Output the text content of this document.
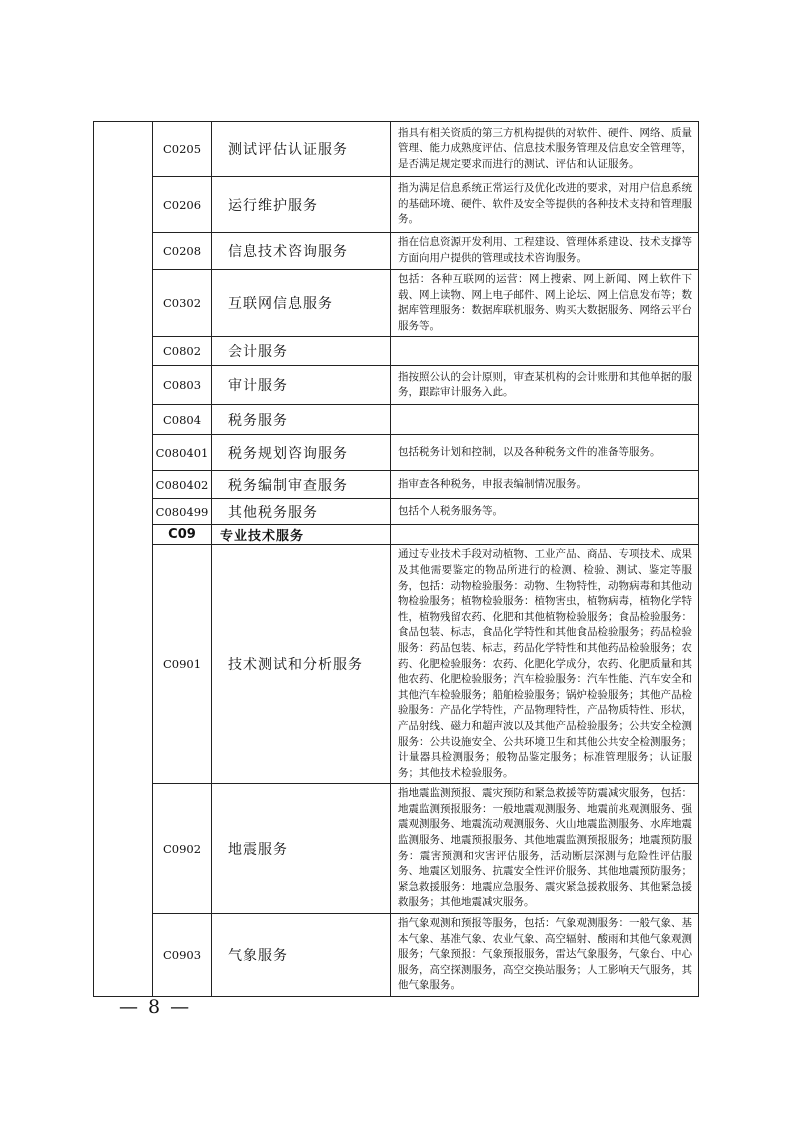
	C0205	测试评估认证服务	指具有相关资质的第三方机构提供的对软件、硬件、网络、质量管理、能力成熟度评估、信息技术服务管理及信息安全管理等，是否满足规定要求而进行的测试、评估和认证服务。
	C0206	运行维护服务	指为满足信息系统正常运行及优化改进的要求，对用户信息系统的基础环境、硬件、软件及安全等提供的各种技术支持和管理服务。
	C0208	信息技术咨询服务	指在信息资源开发利用、工程建设、管理体系建设、技术支撑等方面向用户提供的管理或技术咨询服务。
	C0302	互联网信息服务	包括：各种互联网的运营：网上搜索、网上新闻、网上软件下载、网上读物、网上电子邮件、网上论坛、网上信息发布等；数据库管理服务：数据库联机服务、购买大数据服务、网络云平台服务等。
	C0802	会计服务	
	C0803	审计服务	指按照公认的会计原则，审查某机构的会计账册和其他单据的服务，跟踪审计服务入此。
	C0804	税务服务	
	C080401	税务规划咨询服务	包括税务计划和控制，以及各种税务文件的准备等服务。
	C080402	税务编制审查服务	指审查各种税务，申报表编制情况服务。
	C080499	其他税务服务	包括个人税务服务等。
	C09	专业技术服务	
	C0901	技术测试和分析服务	通过专业技术手段对动植物、工业产品、商品、专项技术、成果及其他需要鉴定的物品所进行的检测、检验、测试、鉴定等服务，包括：动物检验服务：动物、生物特性，动物病毒和其他动物检验服务；植物检验服务：植物害虫，植物病毒，植物化学特性，植物残留农药、化肥和其他植物检验服务；食品检验服务：食品包装、标志，食品化学特性和其他食品检验服务；药品检验服务：药品包装、标志，药品化学特性和其他药品检验服务；农药、化肥检验服务：农药、化肥化学成分，农药、化肥质量和其他农药、化肥检验服务；汽车检验服务：汽车性能、汽车安全和其他汽车检验服务；船舶检验服务；锅炉检验服务；其他产品检验服务：产品化学特性，产品物理特性，产品物质特性、形状，产品射线、磁力和超声波以及其他产品检验服务；公共安全检测服务：公共设施安全、公共环境卫生和其他公共安全检测服务；计量器具检测服务；般物品鉴定服务；标准管理服务；认证服务；其他技术检验服务。
	C0902	地震服务	指地震监测预报、震灾预防和紧急救援等防震减灾服务，包括：地震监测预报服务：一般地震观测服务、地震前兆观测服务、强震观测服务、地震流动观测服务、火山地震监测服务、水库地震监测服务、地震预报服务、其他地震监测预报服务；地震预防服务：震害预测和灾害评估服务，活动断层深测与危险性评估服务、地震区划服务、抗震安全性评价服务、其他地震预防服务；紧急救援服务：地震应急服务、震灾紧急援救服务、其他紧急援救服务；其他地震减灾服务。
	C0903	气象服务	指气象观测和预报等服务，包括：气象观测服务：一般气象、基本气象、基准气象、农业气象、高空辐射、酸雨和其他气象观测服务；气象预报：气象预报服务，雷达气象服务，气象台、中心服务，高空探测服务，高空交换站服务；人工影响天气服务，其他气象服务。
— 8 —
